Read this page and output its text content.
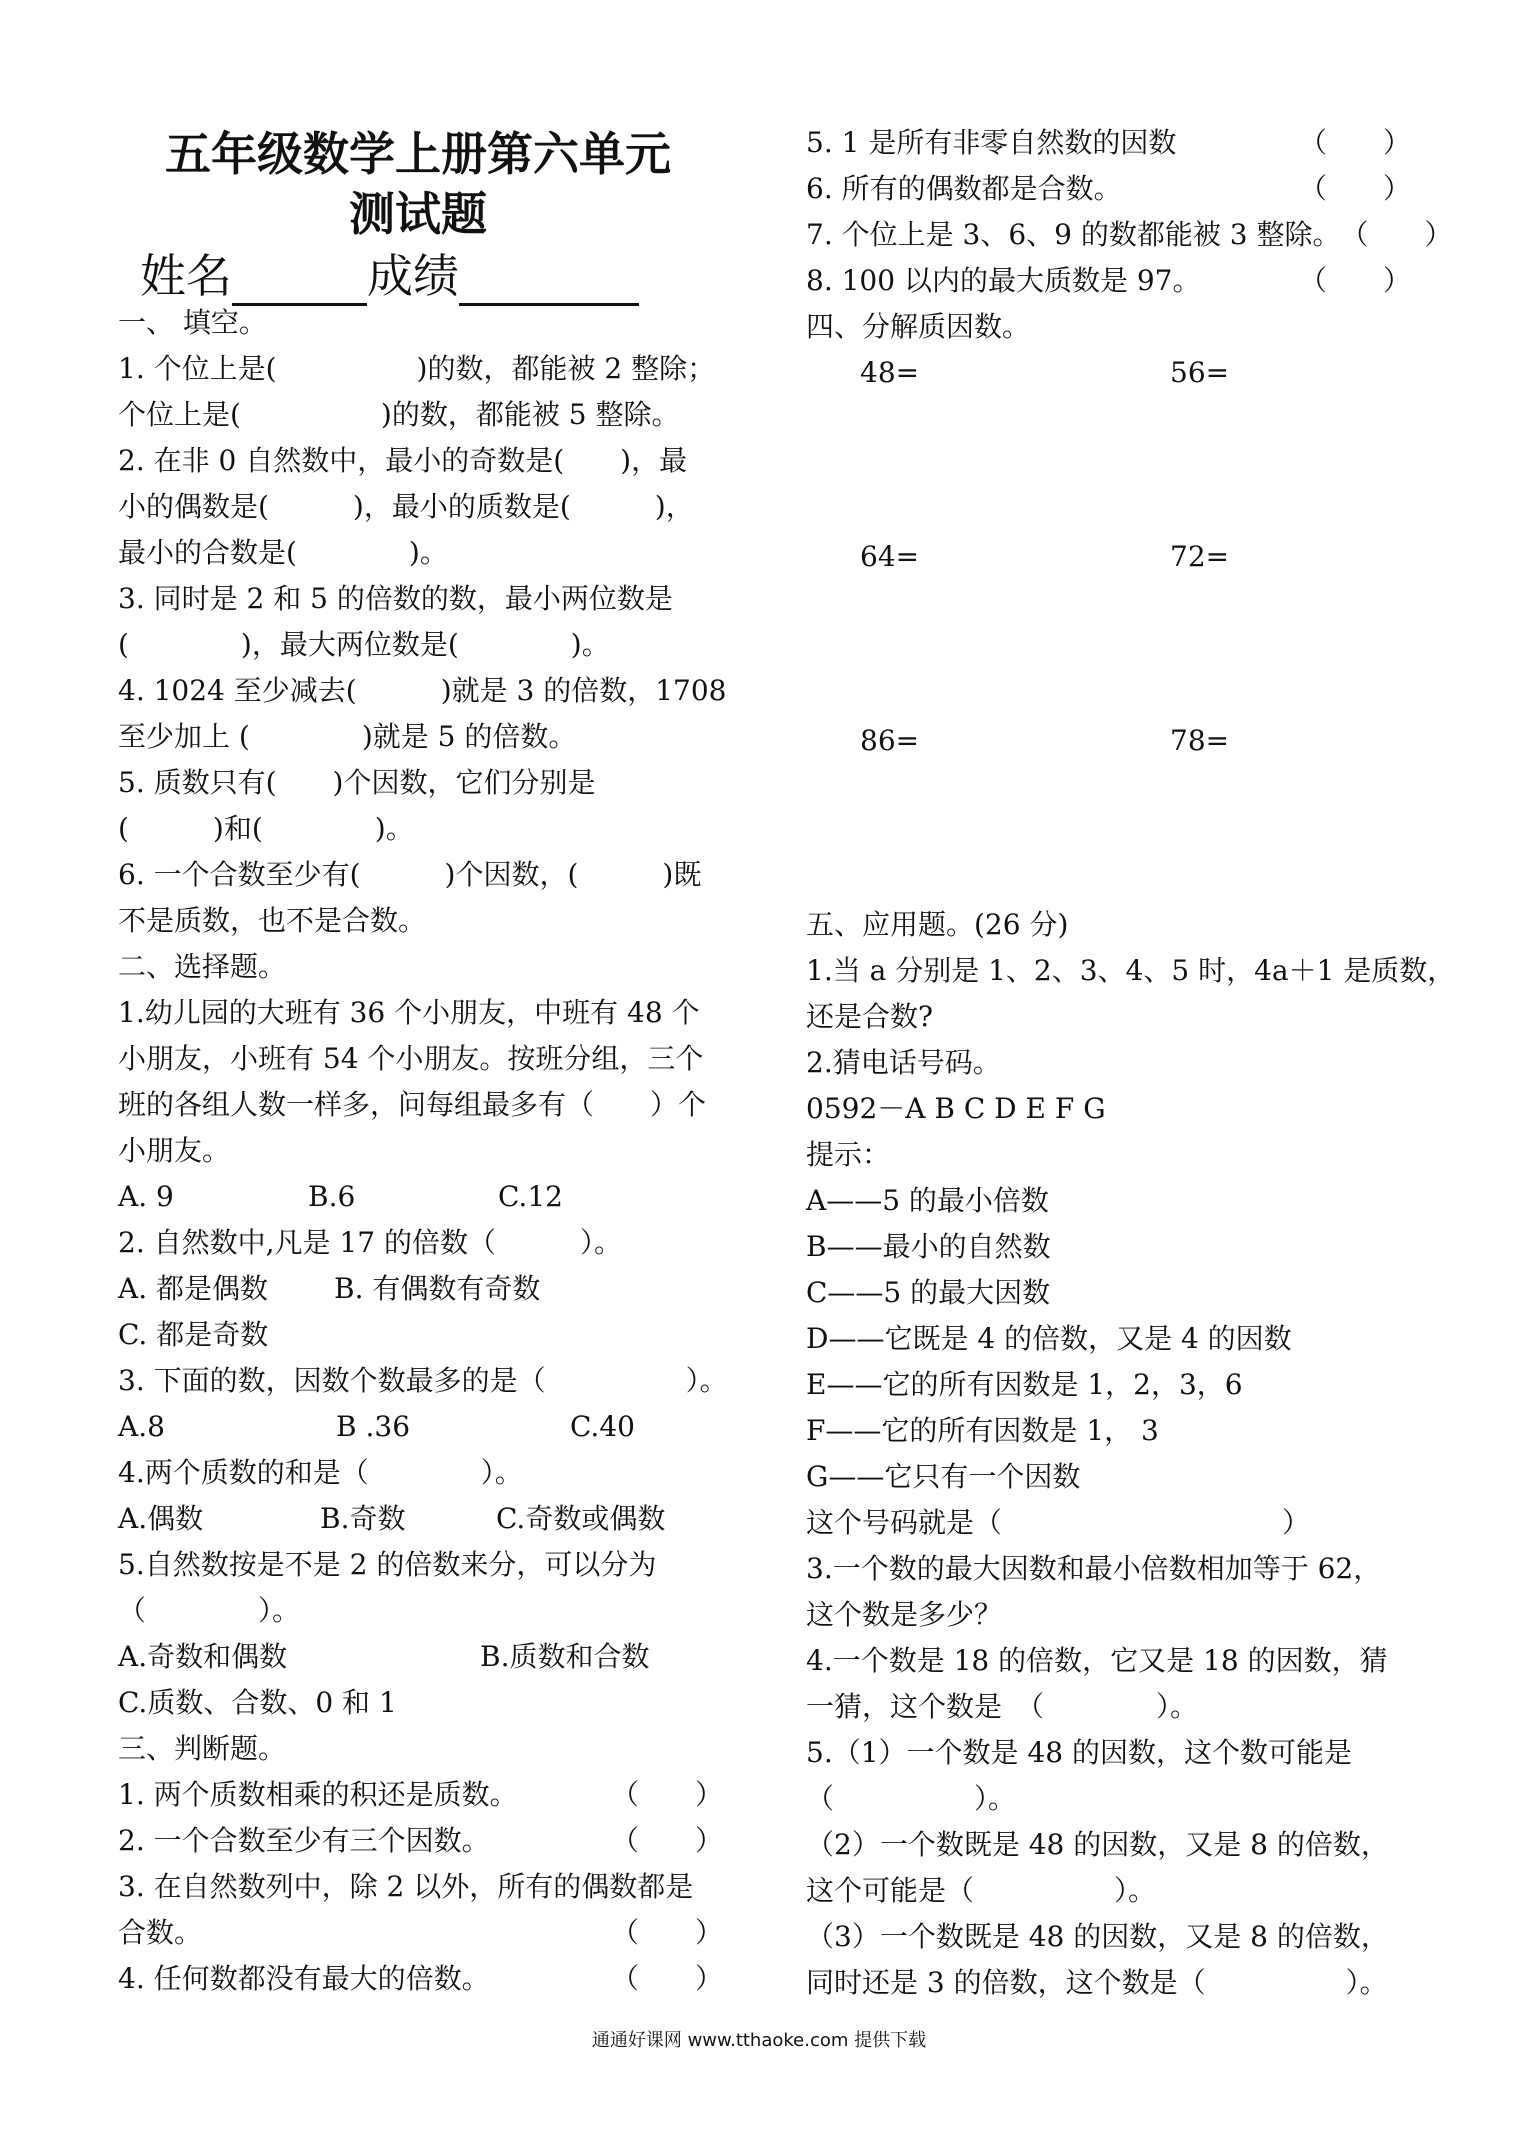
五年级数学上册第六单元
测试题
姓名	成绩
一、 填空。
1. 个位上是(　　　　　)的数，都能被 2 整除；
个位上是(　　　　　)的数，都能被 5 整除。
2. 在非 0 自然数中，最小的奇数是(　　)，最
小的偶数是(　　　)，最小的质数是(　　　)，
最小的合数是(　　　　)。
3. 同时是 2 和 5 的倍数的数，最小两位数是
(　　　　)，最大两位数是(　　　　)。
4. 1024 至少减去(　　　)就是 3 的倍数，1708
至少加上 (　　　　)就是 5 的倍数。
5. 质数只有(　　)个因数，它们分别是
(　　　)和(　　　　)。
6. 一个合数至少有(　　　)个因数，(　　　)既
不是质数，也不是合数。
二、选择题。
1.幼儿园的大班有 36 个小朋友，中班有 48 个
小朋友，小班有 54 个小朋友。按班分组，三个
班的各组人数一样多，问每组最多有（　　）个
小朋友。
A. 9	B.6	C.12
2. 自然数中,凡是 17 的倍数（　　　）。
A. 都是偶数	B. 有偶数有奇数
C. 都是奇数
3. 下面的数，因数个数最多的是（　　　　　）。
A.8	B .36	C.40
4.两个质数的和是（　　　　）。
A.偶数	B.奇数	C.奇数或偶数
5.自然数按是不是 2 的倍数来分，可以分为
（　　　　）。
A.奇数和偶数	B.质数和合数
C.质数、合数、0 和 1
三、判断题。
1. 两个质数相乘的积还是质数。	（　　）
2. 一个合数至少有三个因数。	（　　）
3. 在自然数列中，除 2 以外，所有的偶数都是
合数。	（　　）
4. 任何数都没有最大的倍数。	（　　）
5. 1 是所有非零自然数的因数	（　　）
6. 所有的偶数都是合数。	（　　）
7. 个位上是 3、6、9 的数都能被 3 整除。 （　　）
8. 100 以内的最大质数是 97。	（　　）
四、分解质因数。
48=	56=
64=	72=
86=	78=
五、应用题。(26 分)
1.当 a 分别是 1、2、3、4、5 时，4a＋1 是质数，
还是合数?
2.猜电话号码。
0592－A B C D E F G
提示：
A——5 的最小倍数
B——最小的自然数
C——5 的最大因数
D——它既是 4 的倍数，又是 4 的因数
E——它的所有因数是 1，2，3，6
F——它的所有因数是 1， 3
G——它只有一个因数
这个号码就是（　　　　　　　　　　）
3.一个数的最大因数和最小倍数相加等于 62，
这个数是多少？
4.一个数是 18 的倍数，它又是 18 的因数，猜
一猜，这个数是　（　　　　）。
5.（1）一个数是 48 的因数，这个数可能是
（　　　　　）。
（2）一个数既是 48 的因数，又是 8 的倍数，
这个可能是（　　　　　）。
（3）一个数既是 48 的因数，又是 8 的倍数，
同时还是 3 的倍数，这个数是（　　　　　）。
通通好课网 www.tthaoke.com 提供下载
